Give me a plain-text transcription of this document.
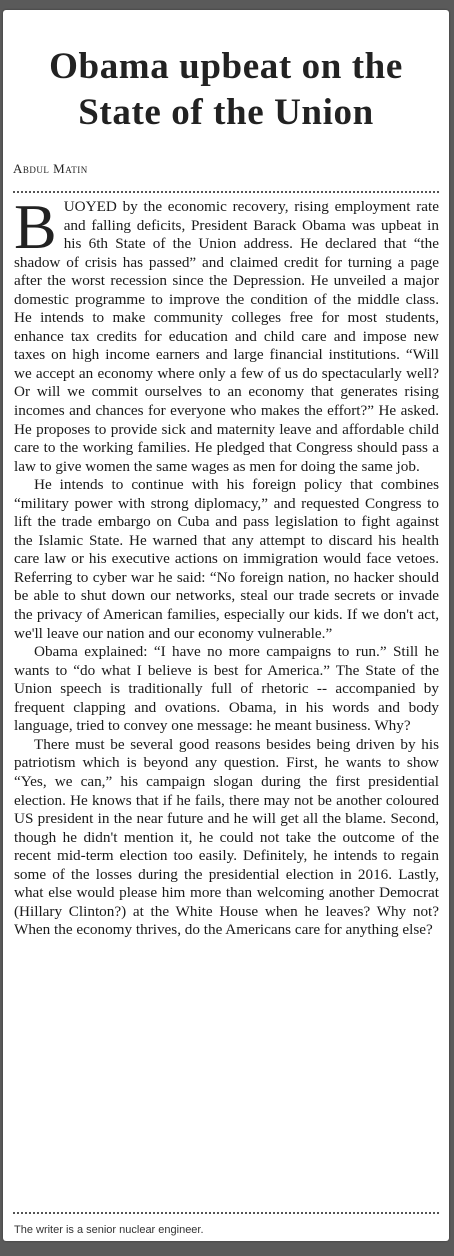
Obama upbeat on the State of the Union
Abdul Matin

BUOYED by the economic recovery, rising employment rate and falling deficits, President Barack Obama was upbeat in his 6th State of the Union address. He declared that “the shadow of crisis has passed” and claimed credit for turning a page after the worst recession since the Depression. He unveiled a major domestic programme to improve the condition of the middle class. He intends to make community colleges free for most students, enhance tax credits for education and child care and impose new taxes on high income earners and large financial institutions. “Will we accept an economy where only a few of us do spectacularly well? Or will we commit ourselves to an economy that generates rising incomes and chances for everyone who makes the effort?” He asked. He proposes to provide sick and maternity leave and affordable child care to the working families. He pledged that Congress should pass a law to give women the same wages as men for doing the same job.

He intends to continue with his foreign policy that combines “military power with strong diplomacy,” and requested Congress to lift the trade embargo on Cuba and pass legislation to fight against the Islamic State. He warned that any attempt to discard his health care law or his executive actions on immigration would face vetoes. Referring to cyber war he said: “No foreign nation, no hacker should be able to shut down our networks, steal our trade secrets or invade the privacy of American families, especially our kids. If we don't act, we'll leave our nation and our economy vulnerable.”

Obama explained: “I have no more campaigns to run.” Still he wants to “do what I believe is best for America.” The State of the Union speech is traditionally full of rhetoric -- accompanied by frequent clapping and ovations. Obama, in his words and body language, tried to convey one message: he meant business. Why?

There must be several good reasons besides being driven by his patriotism which is beyond any question. First, he wants to show “Yes, we can,” his campaign slogan during the first presidential election. He knows that if he fails, there may not be another coloured US president in the near future and he will get all the blame. Second, though he didn't mention it, he could not take the outcome of the recent mid-term election too easily. Definitely, he intends to regain some of the losses during the presidential election in 2016. Lastly, what else would please him more than welcoming another Democrat (Hillary Clinton?) at the White House when he leaves? Why not? When the economy thrives, do the Americans care for anything else?

The writer is a senior nuclear engineer.
